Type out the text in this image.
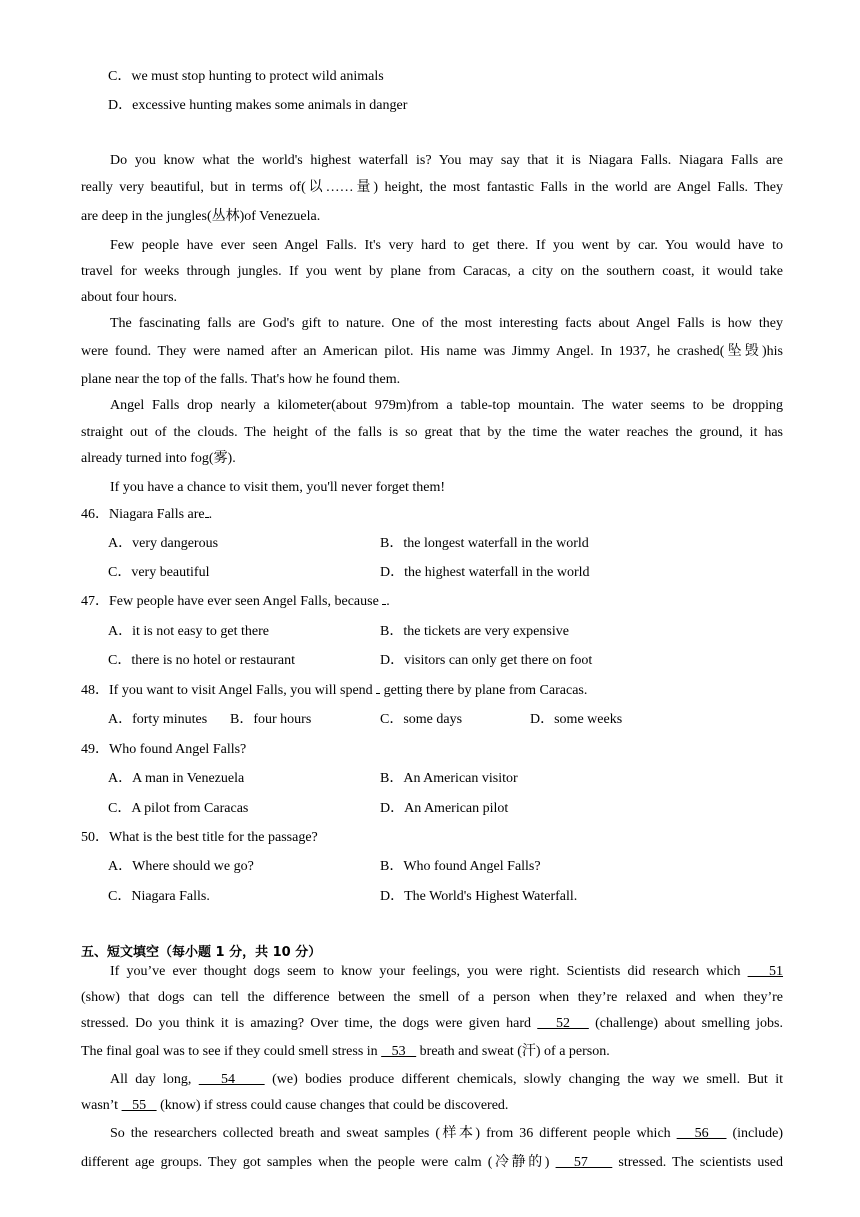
C．we must stop hunting to protect wild animals
D．excessive hunting makes some animals in danger
Do you know what the world's highest waterfall is? You may say that it is Niagara Falls. Niagara Falls are
really very beautiful, but in terms of(以……量) height, the most fantastic Falls in the world are Angel Falls. They
are deep in the jungles(丛林)of Venezuela.
Few people have ever seen Angel Falls. It's very hard to get there. If you went by car. You would have to
travel for weeks through jungles. If you went by plane from Caracas, a city on the southern coast, it would take
about four hours.
The fascinating falls are God's gift to nature. One of the most interesting facts about Angel Falls is how they
were found. They were named after an American pilot. His name was Jimmy Angel. In 1937, he crashed(坠毁)his
plane near the top of the falls. That's how he found them.
Angel Falls drop nearly a kilometer(about 979m)from a table-top mountain. The water seems to be dropping
straight out of the clouds. The height of the falls is so great that by the time the water reaches the ground, it has
already turned into fog(雾).
If you have a chance to visit them, you'll never forget them!
46．Niagara Falls are .
A．very dangerous	B．the longest waterfall in the world
C．very beautiful	D．the highest waterfall in the world
47．Few people have ever seen Angel Falls, because .
A．it is not easy to get there	B．the tickets are very expensive
C．there is no hotel or restaurant	D．visitors can only get there on foot
48．If you want to visit Angel Falls, you will spend  getting there by plane from Caracas.
A．forty minutes B．four hours	C．some days	D．some weeks
49．Who found Angel Falls?
A．A man in Venezuela	B．An American visitor
C．A pilot from Caracas	D．An American pilot
50．What is the best title for the passage?
A．Where should we go?	B．Who found Angel Falls?
C．Niagara Falls.	D．The World's Highest Waterfall.
五、短文填空（每小题 1 分，共 10 分）
If you’ve ever thought dogs seem to know your feelings, you were right. Scientists did research which    51
(show) that dogs can tell the difference between the smell of a person when they’re relaxed and when they’re
stressed. Do you think it is amazing? Over time, the dogs were given hard    52    (challenge) about smelling jobs.
The final goal was to see if they could smell stress in    53    breath and sweat (汗) of a person.
All day long,    54     (we) bodies produce different chemicals, slowly changing the way we smell. But it
wasn’t    55    (know) if stress could cause changes that could be discovered.
So the researchers collected breath and sweat samples (样本) from 36 different people which    56    (include)
different age groups. They got samples when the people were calm (冷静的)    57     stressed. The scientists used
